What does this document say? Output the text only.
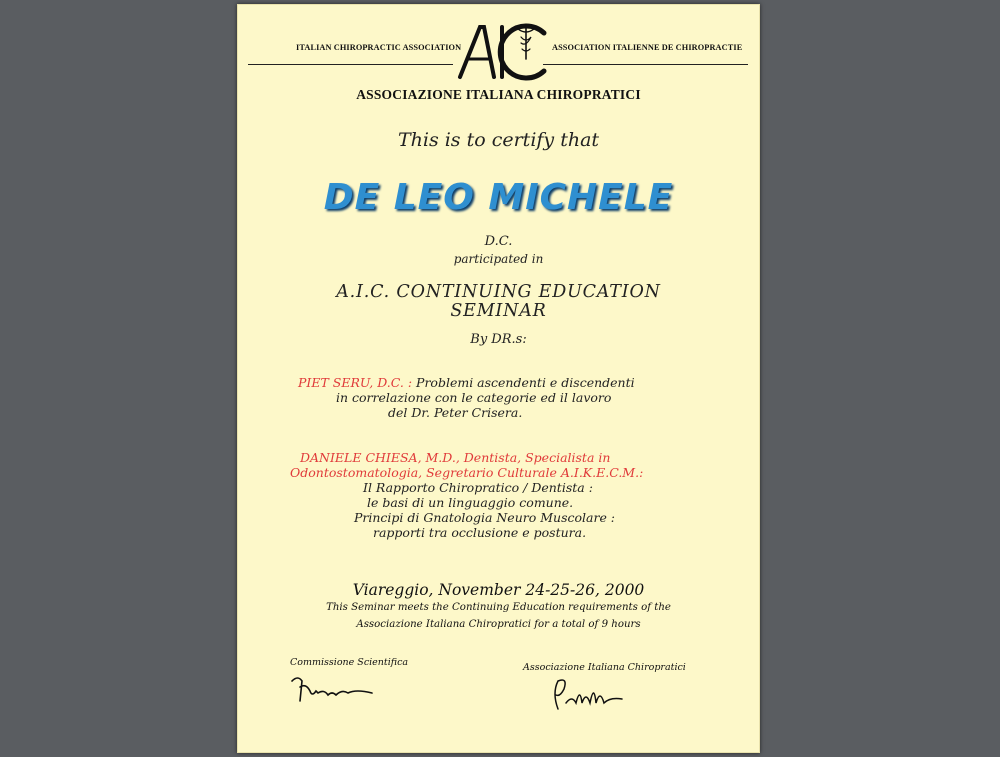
ITALIAN CHIROPRACTIC ASSOCIATION	ASSOCIATION ITALIENNE DE CHIROPRACTIE
ASSOCIAZIONE ITALIANA CHIROPRATICI
This is to certify that
DE LEO MICHELE
D.C.
participated in
A.I.C. CONTINUING EDUCATION
SEMINAR
By DR.s:
PIET SERU, D.C. : Problemi ascendenti e discendenti
in correlazione con le categorie ed il lavoro
del Dr. Peter Crisera.
DANIELE CHIESA, M.D., Dentista, Specialista in
Odontostomatologia, Segretario Culturale A.I.K.E.C.M.:
Il Rapporto Chiropratico / Dentista :
le basi di un linguaggio comune.
Principi di Gnatologia Neuro Muscolare :
rapporti tra occlusione e postura.
Viareggio, November 24-25-26, 2000
This Seminar meets the Continuing Education requirements of the
Associazione Italiana Chiropratici for a total of 9 hours
Commissione Scientifica	Associazione Italiana Chiropratici
